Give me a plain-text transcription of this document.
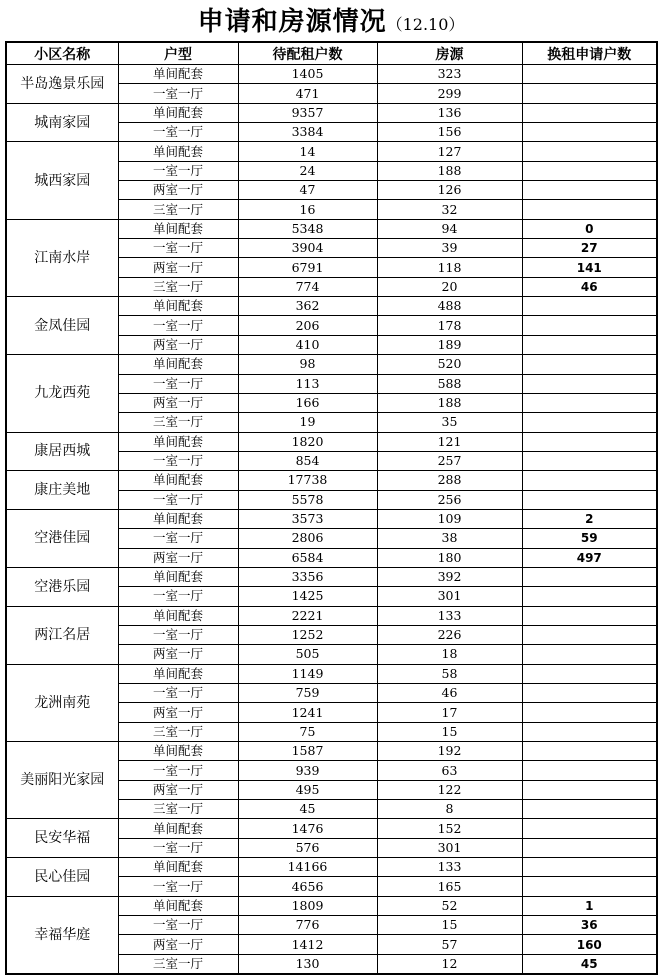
申请和房源情况（12.10）
小区名称	户型	待配租户数	房源	换租申请户数
半岛逸景乐园	单间配套	1405	323	
	一室一厅	471	299	
城南家园	单间配套	9357	136	
	一室一厅	3384	156	
城西家园	单间配套	14	127	
	一室一厅	24	188	
	两室一厅	47	126	
	三室一厅	16	32	
江南水岸	单间配套	5348	94	0
	一室一厅	3904	39	27
	两室一厅	6791	118	141
	三室一厅	774	20	46
金凤佳园	单间配套	362	488	
	一室一厅	206	178	
	两室一厅	410	189	
九龙西苑	单间配套	98	520	
	一室一厅	113	588	
	两室一厅	166	188	
	三室一厅	19	35	
康居西城	单间配套	1820	121	
	一室一厅	854	257	
康庄美地	单间配套	17738	288	
	一室一厅	5578	256	
空港佳园	单间配套	3573	109	2
	一室一厅	2806	38	59
	两室一厅	6584	180	497
空港乐园	单间配套	3356	392	
	一室一厅	1425	301	
两江名居	单间配套	2221	133	
	一室一厅	1252	226	
	两室一厅	505	18	
龙洲南苑	单间配套	1149	58	
	一室一厅	759	46	
	两室一厅	1241	17	
	三室一厅	75	15	
美丽阳光家园	单间配套	1587	192	
	一室一厅	939	63	
	两室一厅	495	122	
	三室一厅	45	8	
民安华福	单间配套	1476	152	
	一室一厅	576	301	
民心佳园	单间配套	14166	133	
	一室一厅	4656	165	
幸福华庭	单间配套	1809	52	1
	一室一厅	776	15	36
	两室一厅	1412	57	160
	三室一厅	130	12	45
